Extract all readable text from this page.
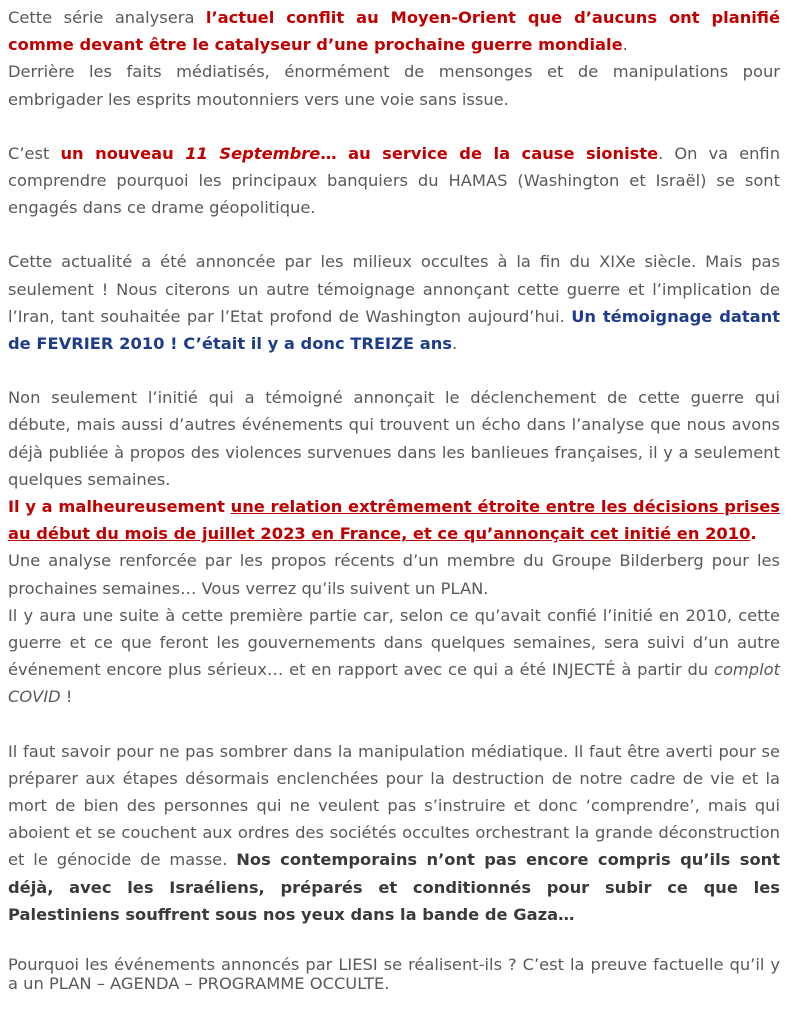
Cette série analysera l’actuel conflit au Moyen-Orient que d’aucuns ont planifié comme devant être le catalyseur d’une prochaine guerre mondiale.
Derrière les faits médiatisés, énormément de mensonges et de manipulations pour embrigader les esprits moutonniers vers une voie sans issue.

C’est un nouveau 11 Septembre… au service de la cause sioniste. On va enfin comprendre pourquoi les principaux banquiers du HAMAS (Washington et Israël) se sont engagés dans ce drame géopolitique.

Cette actualité a été annoncée par les milieux occultes à la fin du XIXe siècle. Mais pas seulement ! Nous citerons un autre témoignage annonçant cette guerre et l’implication de l’Iran, tant souhaitée par l’Etat profond de Washington aujourd’hui. Un témoignage datant de FEVRIER 2010 ! C’était il y a donc TREIZE ans.

Non seulement l’initié qui a témoigné annonçait le déclenchement de cette guerre qui débute, mais aussi d’autres événements qui trouvent un écho dans l’analyse que nous avons déjà publiée à propos des violences survenues dans les banlieues françaises, il y a seulement quelques semaines.
Il y a malheureusement une relation extrêmement étroite entre les décisions prises au début du mois de juillet 2023 en France, et ce qu’annonçait cet initié en 2010.
Une analyse renforcée par les propos récents d’un membre du Groupe Bilderberg pour les prochaines semaines… Vous verrez qu’ils suivent un PLAN.
Il y aura une suite à cette première partie car, selon ce qu’avait confié l’initié en 2010, cette guerre et ce que feront les gouvernements dans quelques semaines, sera suivi d’un autre événement encore plus sérieux… et en rapport avec ce qui a été INJECTÉ à partir du complot COVID !

Il faut savoir pour ne pas sombrer dans la manipulation médiatique. Il faut être averti pour se préparer aux étapes désormais enclenchées pour la destruction de notre cadre de vie et la mort de bien des personnes qui ne veulent pas s’instruire et donc ‘comprendre’, mais qui aboient et se couchent aux ordres des sociétés occultes orchestrant la grande déconstruction et le génocide de masse. Nos contemporains n’ont pas encore compris qu’ils sont déjà, avec les Israéliens, préparés et conditionnés pour subir ce que les Palestiniens souffrent sous nos yeux dans la bande de Gaza…

Pourquoi les événements annoncés par LIESI se réalisent-ils ? C’est la preuve factuelle qu’il y a un PLAN – AGENDA – PROGRAMME OCCULTE.
